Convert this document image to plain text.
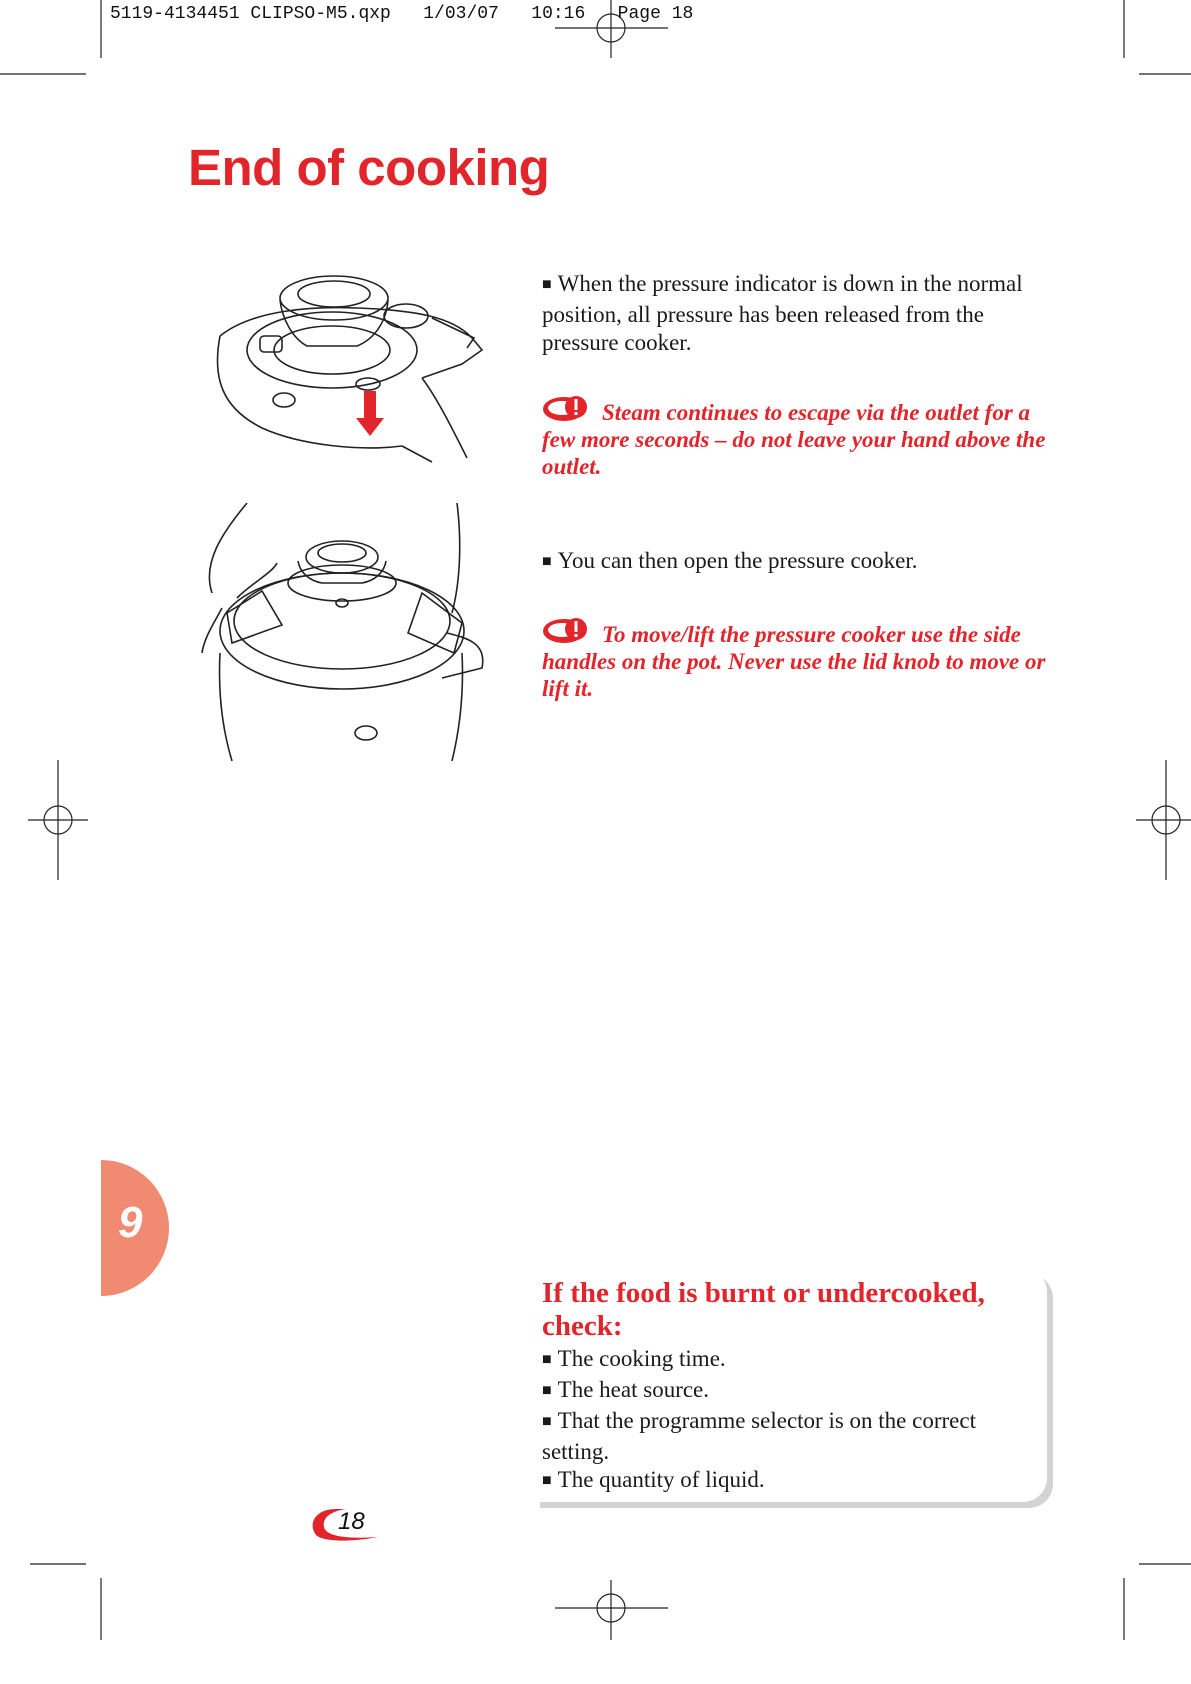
5119-4134451 CLIPSO-M5.qxp   1/03/07   10:16   Page 18
End of cooking
■ When the pressure indicator is down in the normal position, all pressure has been released from the pressure cooker.
Steam continues to escape via the outlet for a few more seconds – do not leave your hand above the outlet.
■ You can then open the pressure cooker.
To move/lift the pressure cooker use the side handles on the pot. Never use the lid knob to move or lift it.
9
If the food is burnt or undercooked, check:
■ The cooking time.
■ The heat source.
■ That the programme selector is on the correct setting.
■ The quantity of liquid.
18
